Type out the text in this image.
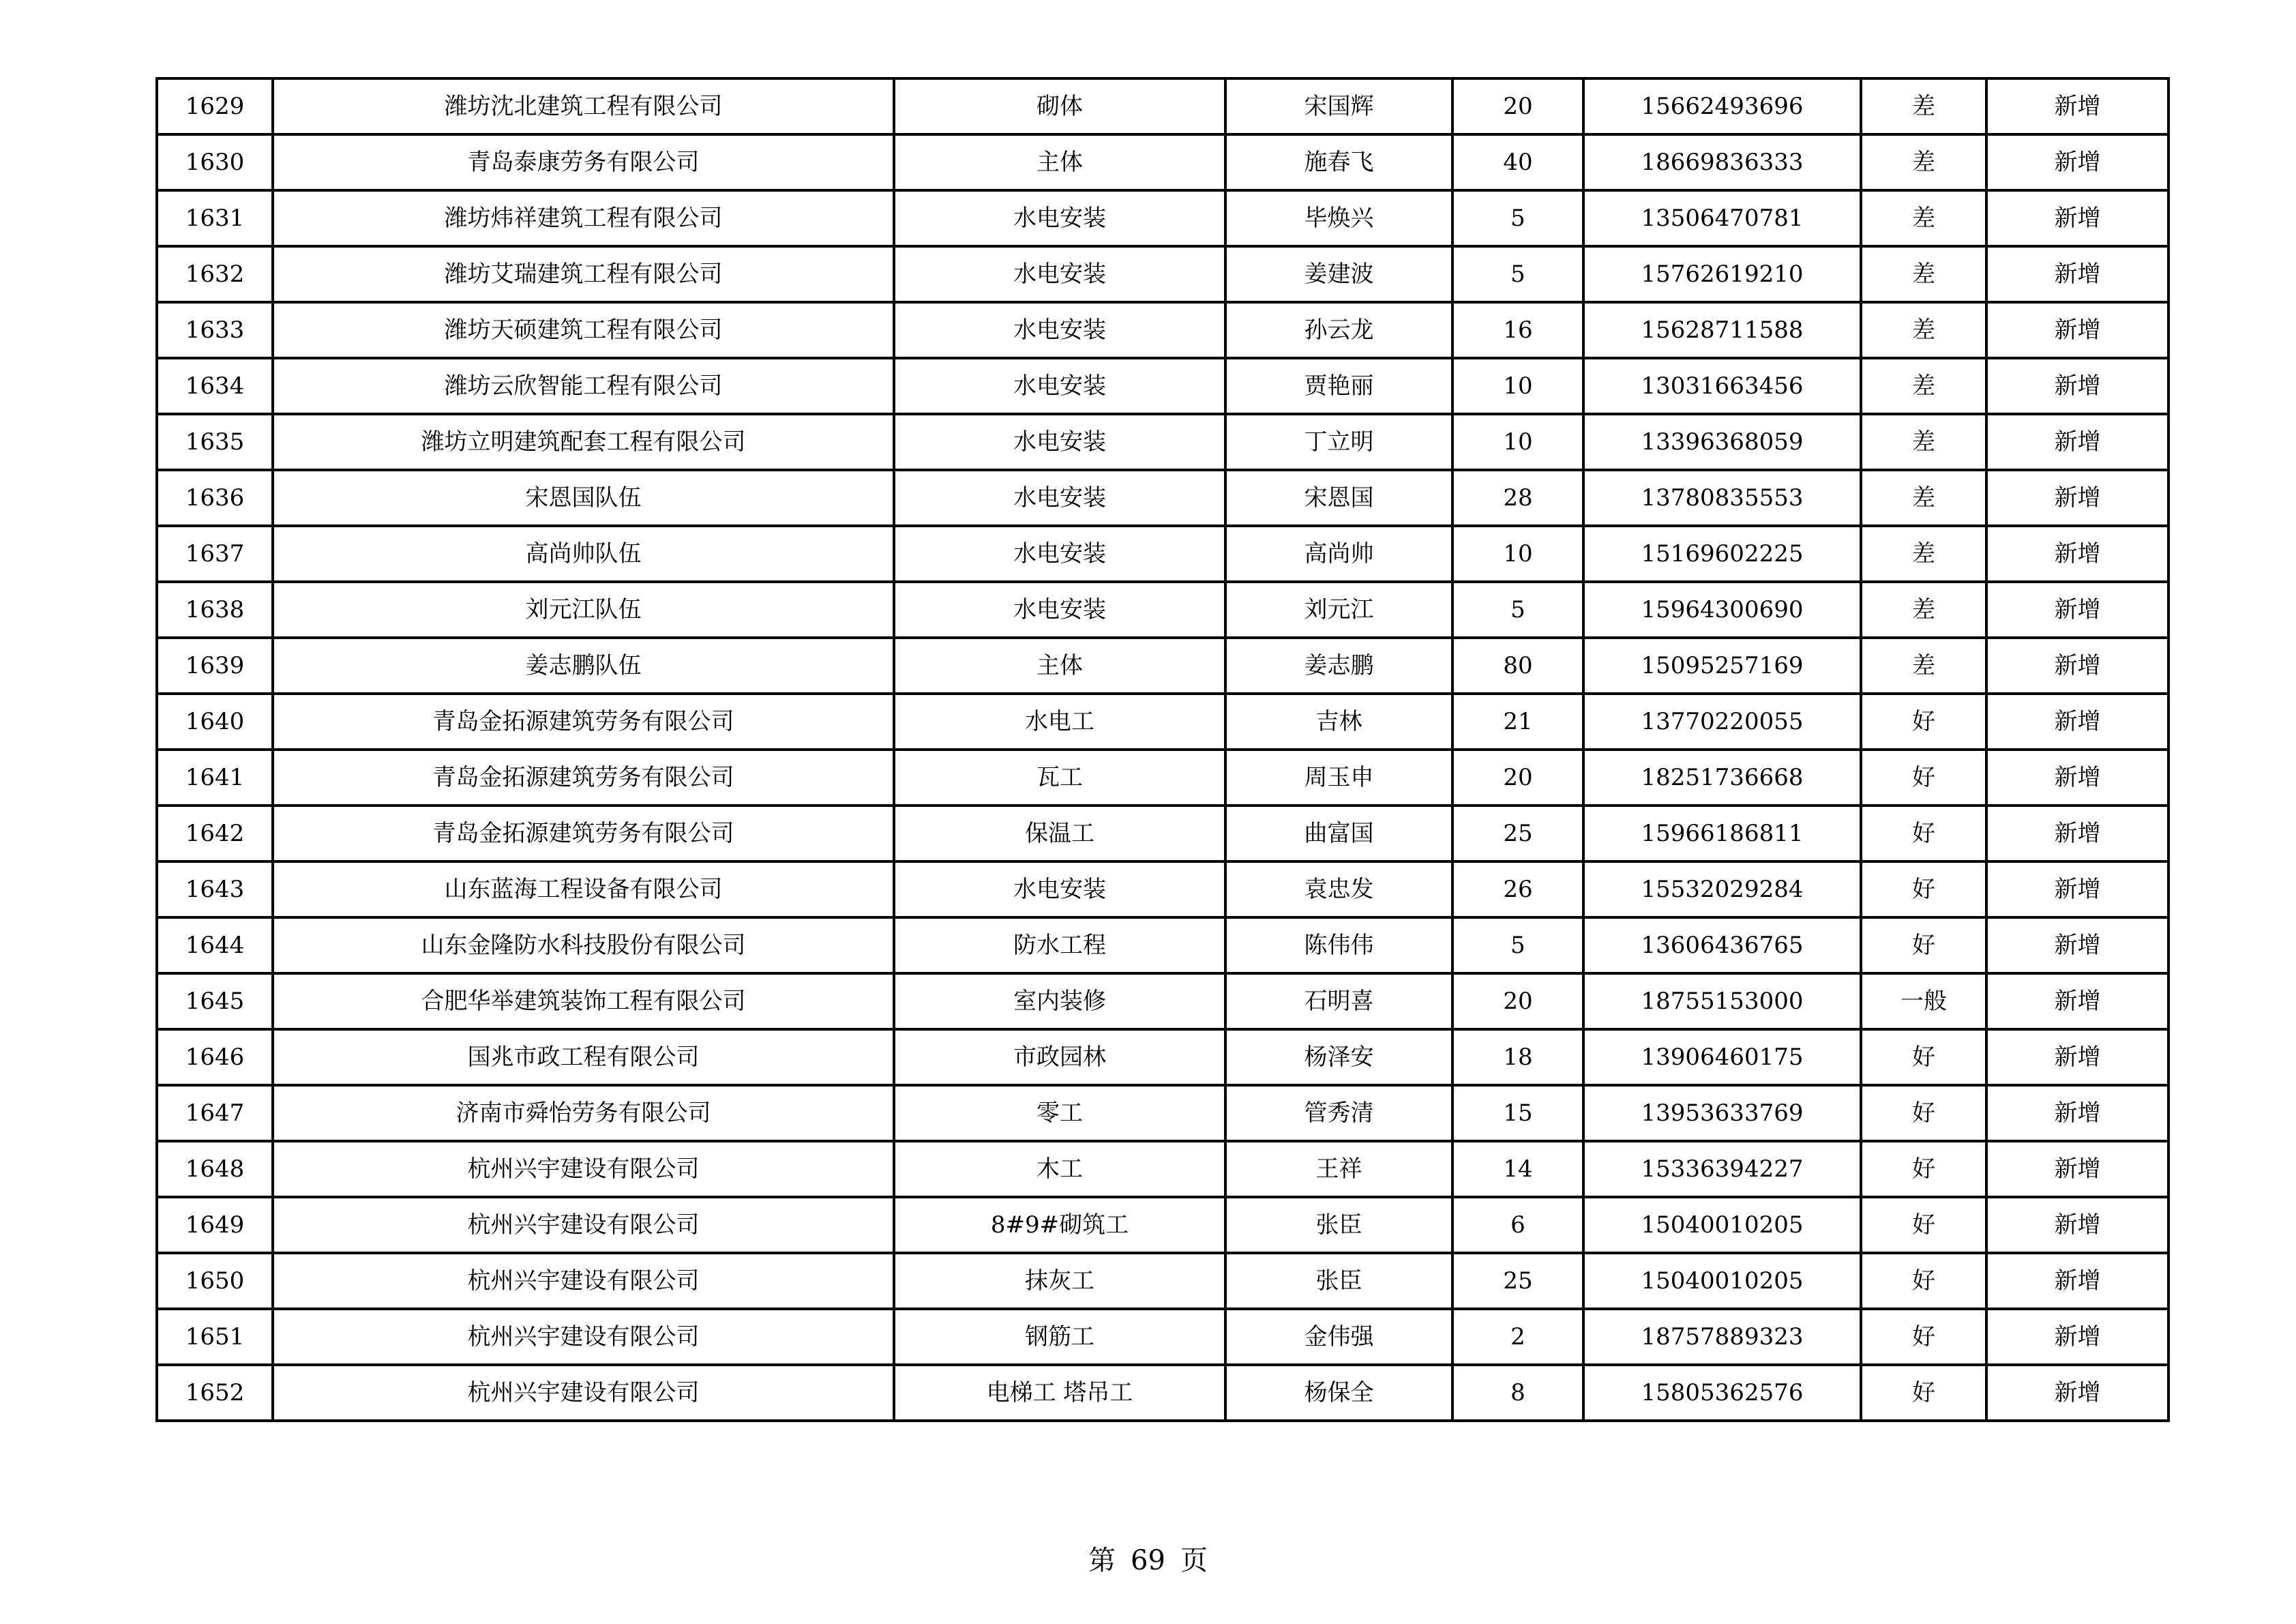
1629	潍坊沈北建筑工程有限公司	砌体	宋国辉	20	15662493696	差	新增
1630	青岛泰康劳务有限公司	主体	施春飞	40	18669836333	差	新增
1631	潍坊炜祥建筑工程有限公司	水电安装	毕焕兴	5	13506470781	差	新增
1632	潍坊艾瑞建筑工程有限公司	水电安装	姜建波	5	15762619210	差	新增
1633	潍坊天硕建筑工程有限公司	水电安装	孙云龙	16	15628711588	差	新增
1634	潍坊云欣智能工程有限公司	水电安装	贾艳丽	10	13031663456	差	新增
1635	潍坊立明建筑配套工程有限公司	水电安装	丁立明	10	13396368059	差	新增
1636	宋恩国队伍	水电安装	宋恩国	28	13780835553	差	新增
1637	高尚帅队伍	水电安装	高尚帅	10	15169602225	差	新增
1638	刘元江队伍	水电安装	刘元江	5	15964300690	差	新增
1639	姜志鹏队伍	主体	姜志鹏	80	15095257169	差	新增
1640	青岛金拓源建筑劳务有限公司	水电工	吉林	21	13770220055	好	新增
1641	青岛金拓源建筑劳务有限公司	瓦工	周玉申	20	18251736668	好	新增
1642	青岛金拓源建筑劳务有限公司	保温工	曲富国	25	15966186811	好	新增
1643	山东蓝海工程设备有限公司	水电安装	袁忠发	26	15532029284	好	新增
1644	山东金隆防水科技股份有限公司	防水工程	陈伟伟	5	13606436765	好	新增
1645	合肥华举建筑装饰工程有限公司	室内装修	石明喜	20	18755153000	一般	新增
1646	国兆市政工程有限公司	市政园林	杨泽安	18	13906460175	好	新增
1647	济南市舜怡劳务有限公司	零工	管秀清	15	13953633769	好	新增
1648	杭州兴宇建设有限公司	木工	王祥	14	15336394227	好	新增
1649	杭州兴宇建设有限公司	8#9#砌筑工	张臣	6	15040010205	好	新增
1650	杭州兴宇建设有限公司	抹灰工	张臣	25	15040010205	好	新增
1651	杭州兴宇建设有限公司	钢筋工	金伟强	2	18757889323	好	新增
1652	杭州兴宇建设有限公司	电梯工 塔吊工	杨保全	8	15805362576	好	新增
第 69 页
